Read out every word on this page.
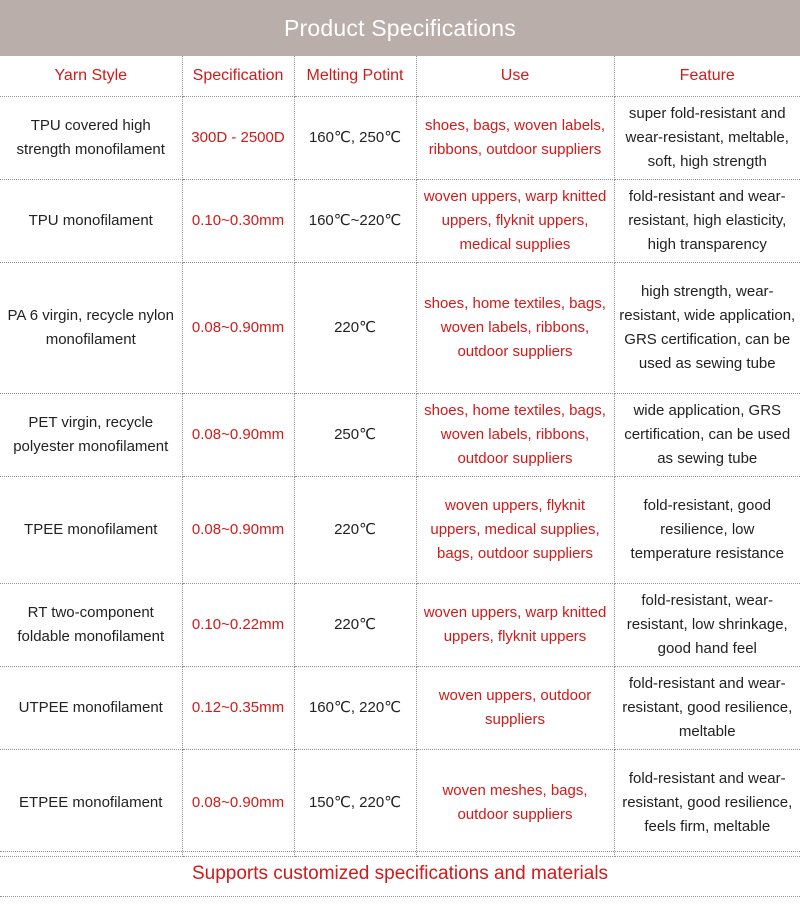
Product Specifications
Yarn Style	Specification	Melting Potint	Use	Feature
TPU covered high strength monofilament	300D - 2500D	160℃, 250℃	shoes, bags, woven labels, ribbons, outdoor suppliers	super fold-resistant and wear-resistant, meltable, soft, high strength
TPU monofilament	0.10~0.30mm	160℃~220℃	woven uppers, warp knitted uppers, flyknit uppers, medical supplies	fold-resistant and wear-resistant, high elasticity, high transparency
PA 6 virgin, recycle nylon monofilament	0.08~0.90mm	220℃	shoes, home textiles, bags, woven labels, ribbons, outdoor suppliers	high strength, wear-resistant, wide application, GRS certification, can be used as sewing tube
PET virgin, recycle polyester monofilament	0.08~0.90mm	250℃	shoes, home textiles, bags, woven labels, ribbons, outdoor suppliers	wide application, GRS certification, can be used as sewing tube
TPEE monofilament	0.08~0.90mm	220℃	woven uppers, flyknit uppers, medical supplies, bags, outdoor suppliers	fold-resistant, good resilience, low temperature resistance
RT two-component foldable monofilament	0.10~0.22mm	220℃	woven uppers, warp knitted uppers, flyknit uppers	fold-resistant, wear-resistant, low shrinkage, good hand feel
UTPEE monofilament	0.12~0.35mm	160℃, 220℃	woven uppers, outdoor suppliers	fold-resistant and wear-resistant, good resilience, meltable
ETPEE monofilament	0.08~0.90mm	150℃, 220℃	woven meshes, bags, outdoor suppliers	fold-resistant and wear-resistant, good resilience, feels firm, meltable
Supports customized specifications and materials
